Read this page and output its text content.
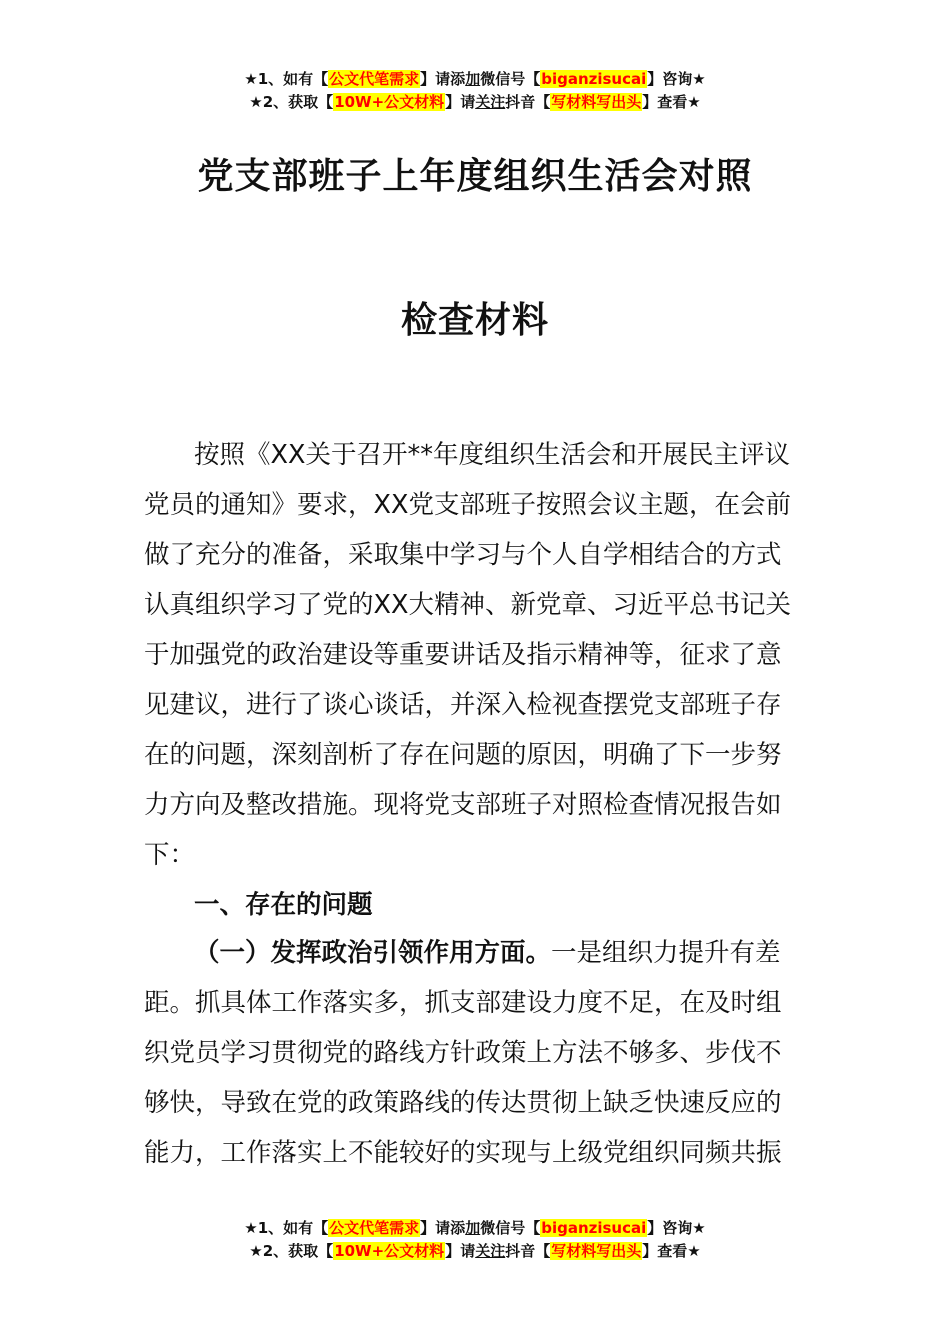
★1、如有【公文代笔需求】请添加微信号【biganzisucai】咨询★
★2、获取【10W+公文材料】请关注抖音【写材料写出头】查看★
党支部班子上年度组织生活会对照
检查材料
按照《XX关于召开**年度组织生活会和开展民主评议
党员的通知》要求，XX党支部班子按照会议主题，在会前
做了充分的准备，采取集中学习与个人自学相结合的方式
认真组织学习了党的XX大精神、新党章、习近平总书记关
于加强党的政治建设等重要讲话及指示精神等，征求了意
见建议，进行了谈心谈话，并深入检视查摆党支部班子存
在的问题，深刻剖析了存在问题的原因，明确了下一步努
力方向及整改措施。现将党支部班子对照检查情况报告如
下：
一、存在的问题
（一）发挥政治引领作用方面。一是组织力提升有差
距。抓具体工作落实多，抓支部建设力度不足，在及时组
织党员学习贯彻党的路线方针政策上方法不够多、步伐不
够快，导致在党的政策路线的传达贯彻上缺乏快速反应的
能力，工作落实上不能较好的实现与上级党组织同频共振
★1、如有【公文代笔需求】请添加微信号【biganzisucai】咨询★
★2、获取【10W+公文材料】请关注抖音【写材料写出头】查看★
